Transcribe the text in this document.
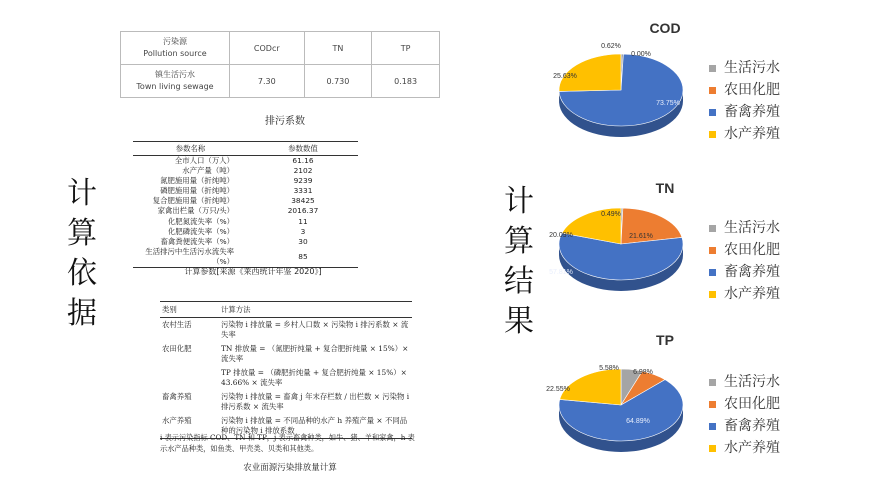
计
算
依
据
计
算
结
果
污染源
Pollution source	CODcr	TN	TP
镇生活污水
Town living sewage	7.30	0.730	0.183
排污系数
参数名称	参数数值
全市人口（万人）	61.16
水产产量（吨）	2102
氮肥施用量（折纯吨）	9239
磷肥施用量（折纯吨）	3331
复合肥施用量（折纯吨）	38425
家禽出栏量（万只/头）	2016.37
化肥氮流失率（%）	11
化肥磷流失率（%）	3
畜禽粪便流失率（%）	30
生活排污中生活污水流失率（%）	85
计算参数[来源《莱西统计年鉴 2020》]
类别	计算方法
农村生活	污染物 i 排放量 = 乡村人口数 × 污染物 i 排污系数 × 流失率
农田化肥	TN 排放量 = （氮肥折纯量 + 复合肥折纯量 × 15%）× 流失率
	TP 排放量 = （磷肥折纯量 + 复合肥折纯量 × 15%）× 43.66% × 流失率
畜禽养殖	污染物 i 排放量 = 畜禽 j 年末存栏数 / 出栏数 × 污染物 i 排污系数 × 流失率
水产养殖	污染物 i 排放量 = 不同品种的水产 h 养殖产量 × 不同品种的污染物 i 排放系数
i 表示污染指标 COD、TN 和 TP，j 表示畜禽种类，如牛、猪、羊和家禽，h 表示水产品种类，如鱼类、甲壳类、贝类和其他类。
农业面源污染排放量计算
COD
0.62%
0.00%
73.75%
25.63%
TN
0.49%
21.61%
57.81%
20.09%
TP
5.58%
6.98%
64.89%
22.55%
生活污水
农田化肥
畜禽养殖
水产养殖
生活污水
农田化肥
畜禽养殖
水产养殖
生活污水
农田化肥
畜禽养殖
水产养殖
